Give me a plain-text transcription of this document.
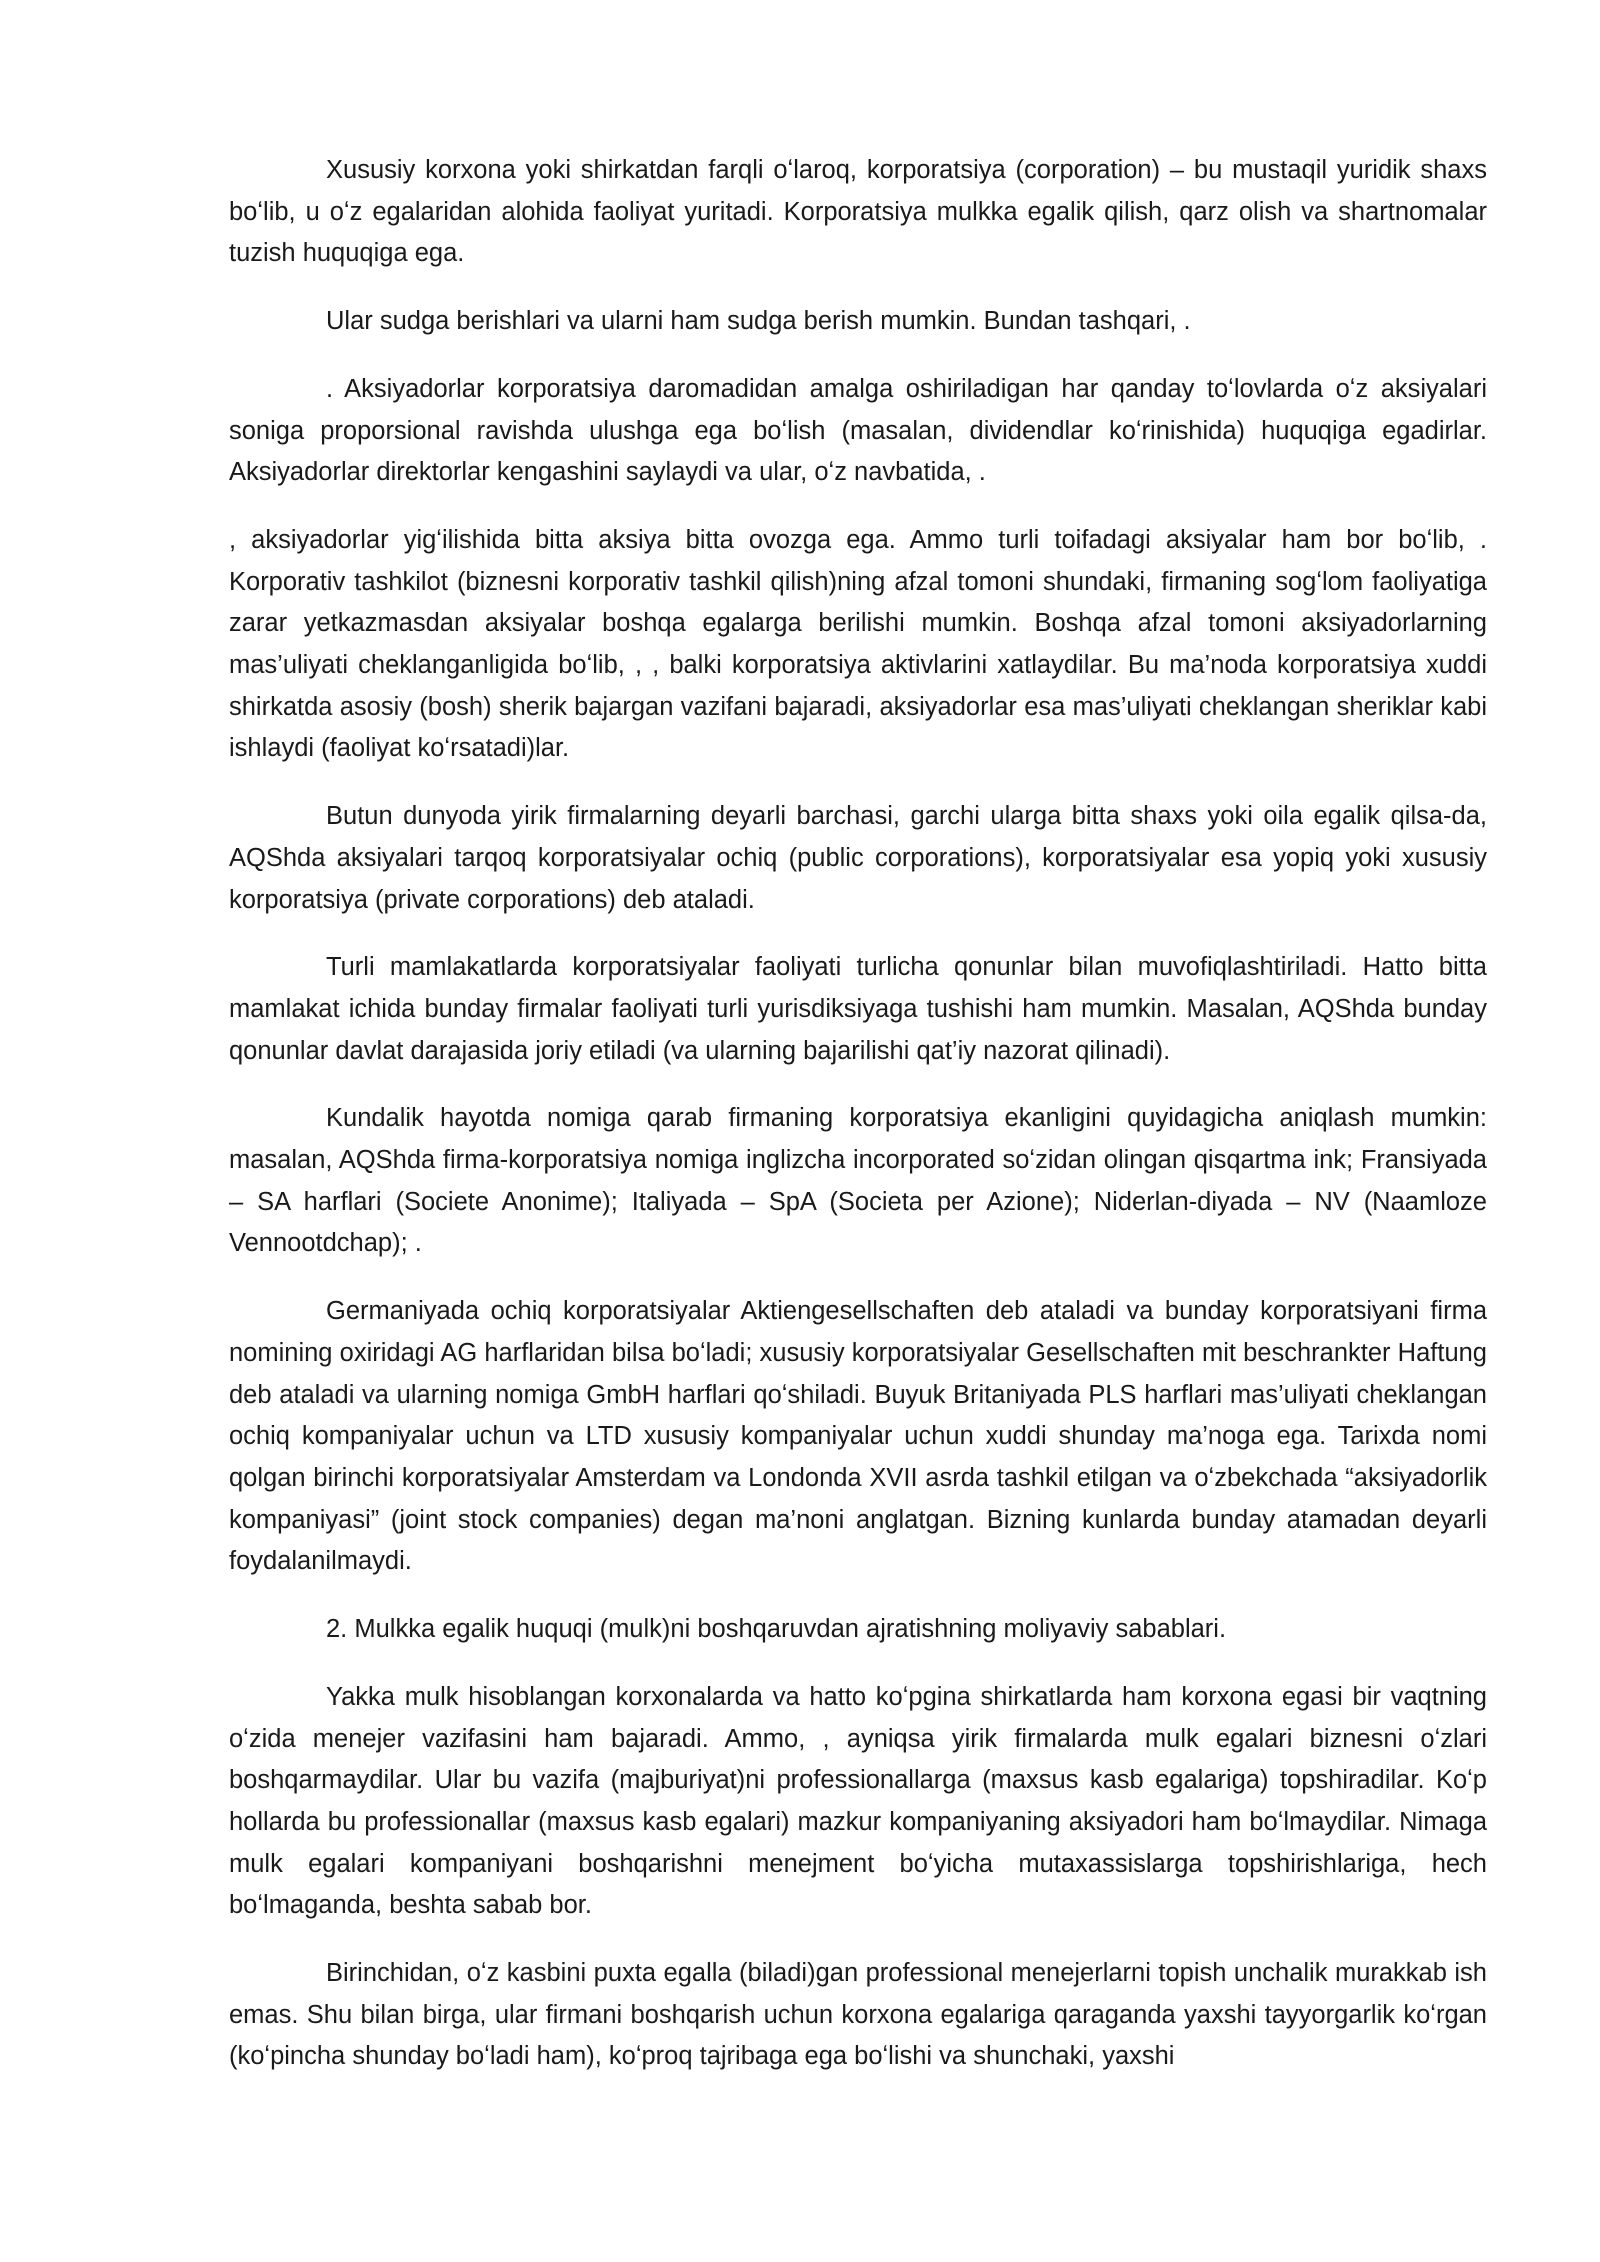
Xususiy korxona yoki shirkatdan farqli oʻlaroq, korporatsiya (corporation) – bu mustaqil yuridik shaxs boʻlib, u oʻz egalaridan alohida faoliyat yuritadi. Korporatsiya mulkka egalik qilish, qarz olish va shartnomalar tuzish huquqiga ega.

Ular sudga berishlari va ularni ham sudga berish mumkin. Bundan tashqari, .

. Aksiyadorlar korporatsiya daromadidan amalga oshiriladigan har qanday toʻlovlarda oʻz aksiyalari soniga proporsional ravishda ulushga ega boʻlish (masalan, dividendlar koʻrinishida) huquqiga egadirlar. Aksiyadorlar direktorlar kengashini saylaydi va ular, oʻz navbatida, .

, aksiyadorlar yigʻilishida bitta aksiya bitta ovozga ega. Ammo turli toifadagi aksiyalar ham bor boʻlib, . Korporativ tashkilot (biznesni korporativ tashkil qilish)ning afzal tomoni shundaki, firmaning sogʻlom faoliyatiga zarar yetkazmasdan aksiyalar boshqa egalarga berilishi mumkin. Boshqa afzal tomoni aksiyadorlarning mas’uliyati cheklanganligida boʻlib, , , balki korporatsiya aktivlarini xatlaydilar. Bu ma’noda korporatsiya xuddi shirkatda asosiy (bosh) sherik bajargan vazifani bajaradi, aksiyadorlar esa mas’uliyati cheklangan sheriklar kabi ishlaydi (faoliyat koʻrsatadi)lar.

Butun dunyoda yirik firmalarning deyarli barchasi, garchi ularga bitta shaxs yoki oila egalik qilsa-da, AQShda aksiyalari tarqoq korporatsiyalar ochiq (public corporations), korporatsiyalar esa yopiq yoki xususiy korporatsiya (private corporations) deb ataladi.

Turli mamlakatlarda korporatsiyalar faoliyati turlicha qonunlar bilan muvofiqlashtiriladi. Hatto bitta mamlakat ichida bunday firmalar faoliyati turli yurisdiksiyaga tushishi ham mumkin. Masalan, AQShda bunday qonunlar davlat darajasida joriy etiladi (va ularning bajarilishi qat’iy nazorat qilinadi).

Kundalik hayotda nomiga qarab firmaning korporatsiya ekanligini quyidagicha aniqlash mumkin: masalan, AQShda firma-korporatsiya nomiga inglizcha incorporated soʻzidan olingan qisqartma ink; Fransiyada – SA harflari (Societe Anonime); Italiyada – SpA (Societa per Azione); Niderlan-diyada – NV (Naamloze Vennootdchap); .

Germaniyada ochiq korporatsiyalar Aktiengesellschaften deb ataladi va bunday korporatsiyani firma nomining oxiridagi AG harflaridan bilsa boʻladi; xususiy korporatsiyalar Gesellschaften mit beschrankter Haftung deb ataladi va ularning nomiga GmbH harflari qoʻshiladi. Buyuk Britaniyada PLS harflari mas’uliyati cheklangan ochiq kompaniyalar uchun va LTD xususiy kompaniyalar uchun xuddi shunday ma’noga ega. Tarixda nomi qolgan birinchi korporatsiyalar Amsterdam va Londonda XVII asrda tashkil etilgan va oʻzbekchada “aksiyadorlik kompaniyasi” (joint stock companies) degan ma’noni anglatgan. Bizning kunlarda bunday atamadan deyarli foydalanilmaydi.

2. Mulkka egalik huquqi (mulk)ni boshqaruvdan ajratishning moliyaviy sabablari.

Yakka mulk hisoblangan korxonalarda va hatto koʻpgina shirkatlarda ham korxona egasi bir vaqtning oʻzida menejer vazifasini ham bajaradi. Ammo, , ayniqsa yirik firmalarda mulk egalari biznesni oʻzlari boshqarmaydilar. Ular bu vazifa (majburiyat)ni professionallarga (maxsus kasb egalariga) topshiradilar. Koʻp hollarda bu professionallar (maxsus kasb egalari) mazkur kompaniyaning aksiyadori ham boʻlmaydilar. Nimaga mulk egalari kompaniyani boshqarishni menejment boʻyicha mutaxassislarga topshirishlariga, hech boʻlmaganda, beshta sabab bor.

Birinchidan, oʻz kasbini puxta egalla (biladi)gan professional menejerlarni topish unchalik murakkab ish emas. Shu bilan birga, ular firmani boshqarish uchun korxona egalariga qaraganda yaxshi tayyorgarlik koʻrgan (koʻpincha shunday boʻladi ham), koʻproq tajribaga ega boʻlishi va shunchaki, yaxshi
